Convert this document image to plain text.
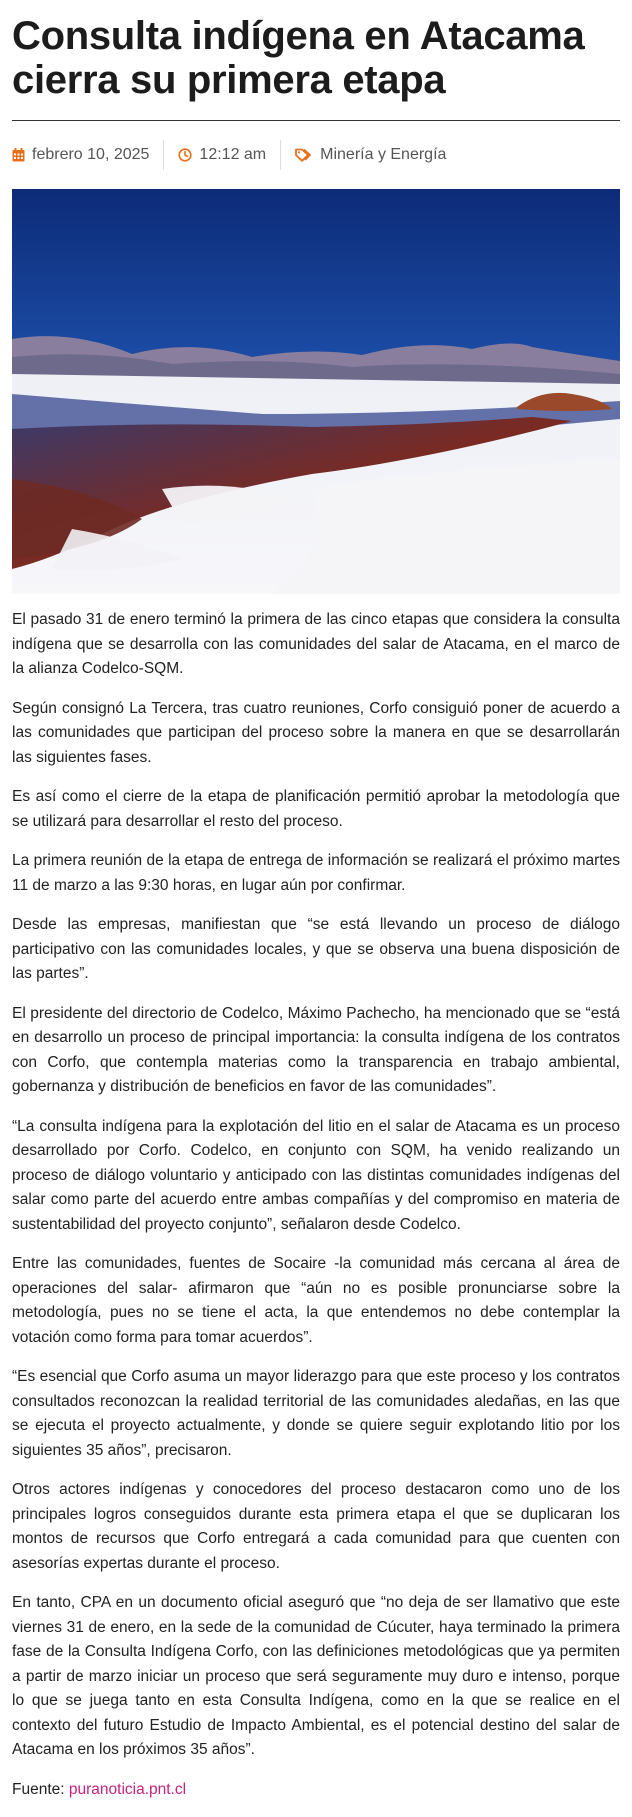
Consulta indígena en Atacama cierra su primera etapa
febrero 10, 2025	12:12 am	Minería y Energía

El pasado 31 de enero terminó la primera de las cinco etapas que considera la consulta indígena que se desarrolla con las comunidades del salar de Atacama, en el marco de la alianza Codelco-SQM.

Según consignó La Tercera, tras cuatro reuniones, Corfo consiguió poner de acuerdo a las comunidades que participan del proceso sobre la manera en que se desarrollarán las siguientes fases.

Es así como el cierre de la etapa de planificación permitió aprobar la metodología que se utilizará para desarrollar el resto del proceso.

La primera reunión de la etapa de entrega de información se realizará el próximo martes 11 de marzo a las 9:30 horas, en lugar aún por confirmar.

Desde las empresas, manifiestan que “se está llevando un proceso de diálogo participativo con las comunidades locales, y que se observa una buena disposición de las partes”.

El presidente del directorio de Codelco, Máximo Pachecho, ha mencionado que se “está en desarrollo un proceso de principal importancia: la consulta indígena de los contratos con Corfo, que contempla materias como la transparencia en trabajo ambiental, gobernanza y distribución de beneficios en favor de las comunidades”.

“La consulta indígena para la explotación del litio en el salar de Atacama es un proceso desarrollado por Corfo. Codelco, en conjunto con SQM, ha venido realizando un proceso de diálogo voluntario y anticipado con las distintas comunidades indígenas del salar como parte del acuerdo entre ambas compañías y del compromiso en materia de sustentabilidad del proyecto conjunto”, señalaron desde Codelco.

Entre las comunidades, fuentes de Socaire -la comunidad más cercana al área de operaciones del salar- afirmaron que “aún no es posible pronunciarse sobre la metodología, pues no se tiene el acta, la que entendemos no debe contemplar la votación como forma para tomar acuerdos”.

“Es esencial que Corfo asuma un mayor liderazgo para que este proceso y los contratos consultados reconozcan la realidad territorial de las comunidades aledañas, en las que se ejecuta el proyecto actualmente, y donde se quiere seguir explotando litio por los siguientes 35 años”, precisaron.

Otros actores indígenas y conocedores del proceso destacaron como uno de los principales logros conseguidos durante esta primera etapa el que se duplicaran los montos de recursos que Corfo entregará a cada comunidad para que cuenten con asesorías expertas durante el proceso.

En tanto, CPA en un documento oficial aseguró que “no deja de ser llamativo que este viernes 31 de enero, en la sede de la comunidad de Cúcuter, haya terminado la primera fase de la Consulta Indígena Corfo, con las definiciones metodológicas que ya permiten a partir de marzo iniciar un proceso que será seguramente muy duro e intenso, porque lo que se juega tanto en esta Consulta Indígena, como en la que se realice en el contexto del futuro Estudio de Impacto Ambiental, es el potencial destino del salar de Atacama en los próximos 35 años”.

Fuente: puranoticia.pnt.cl
